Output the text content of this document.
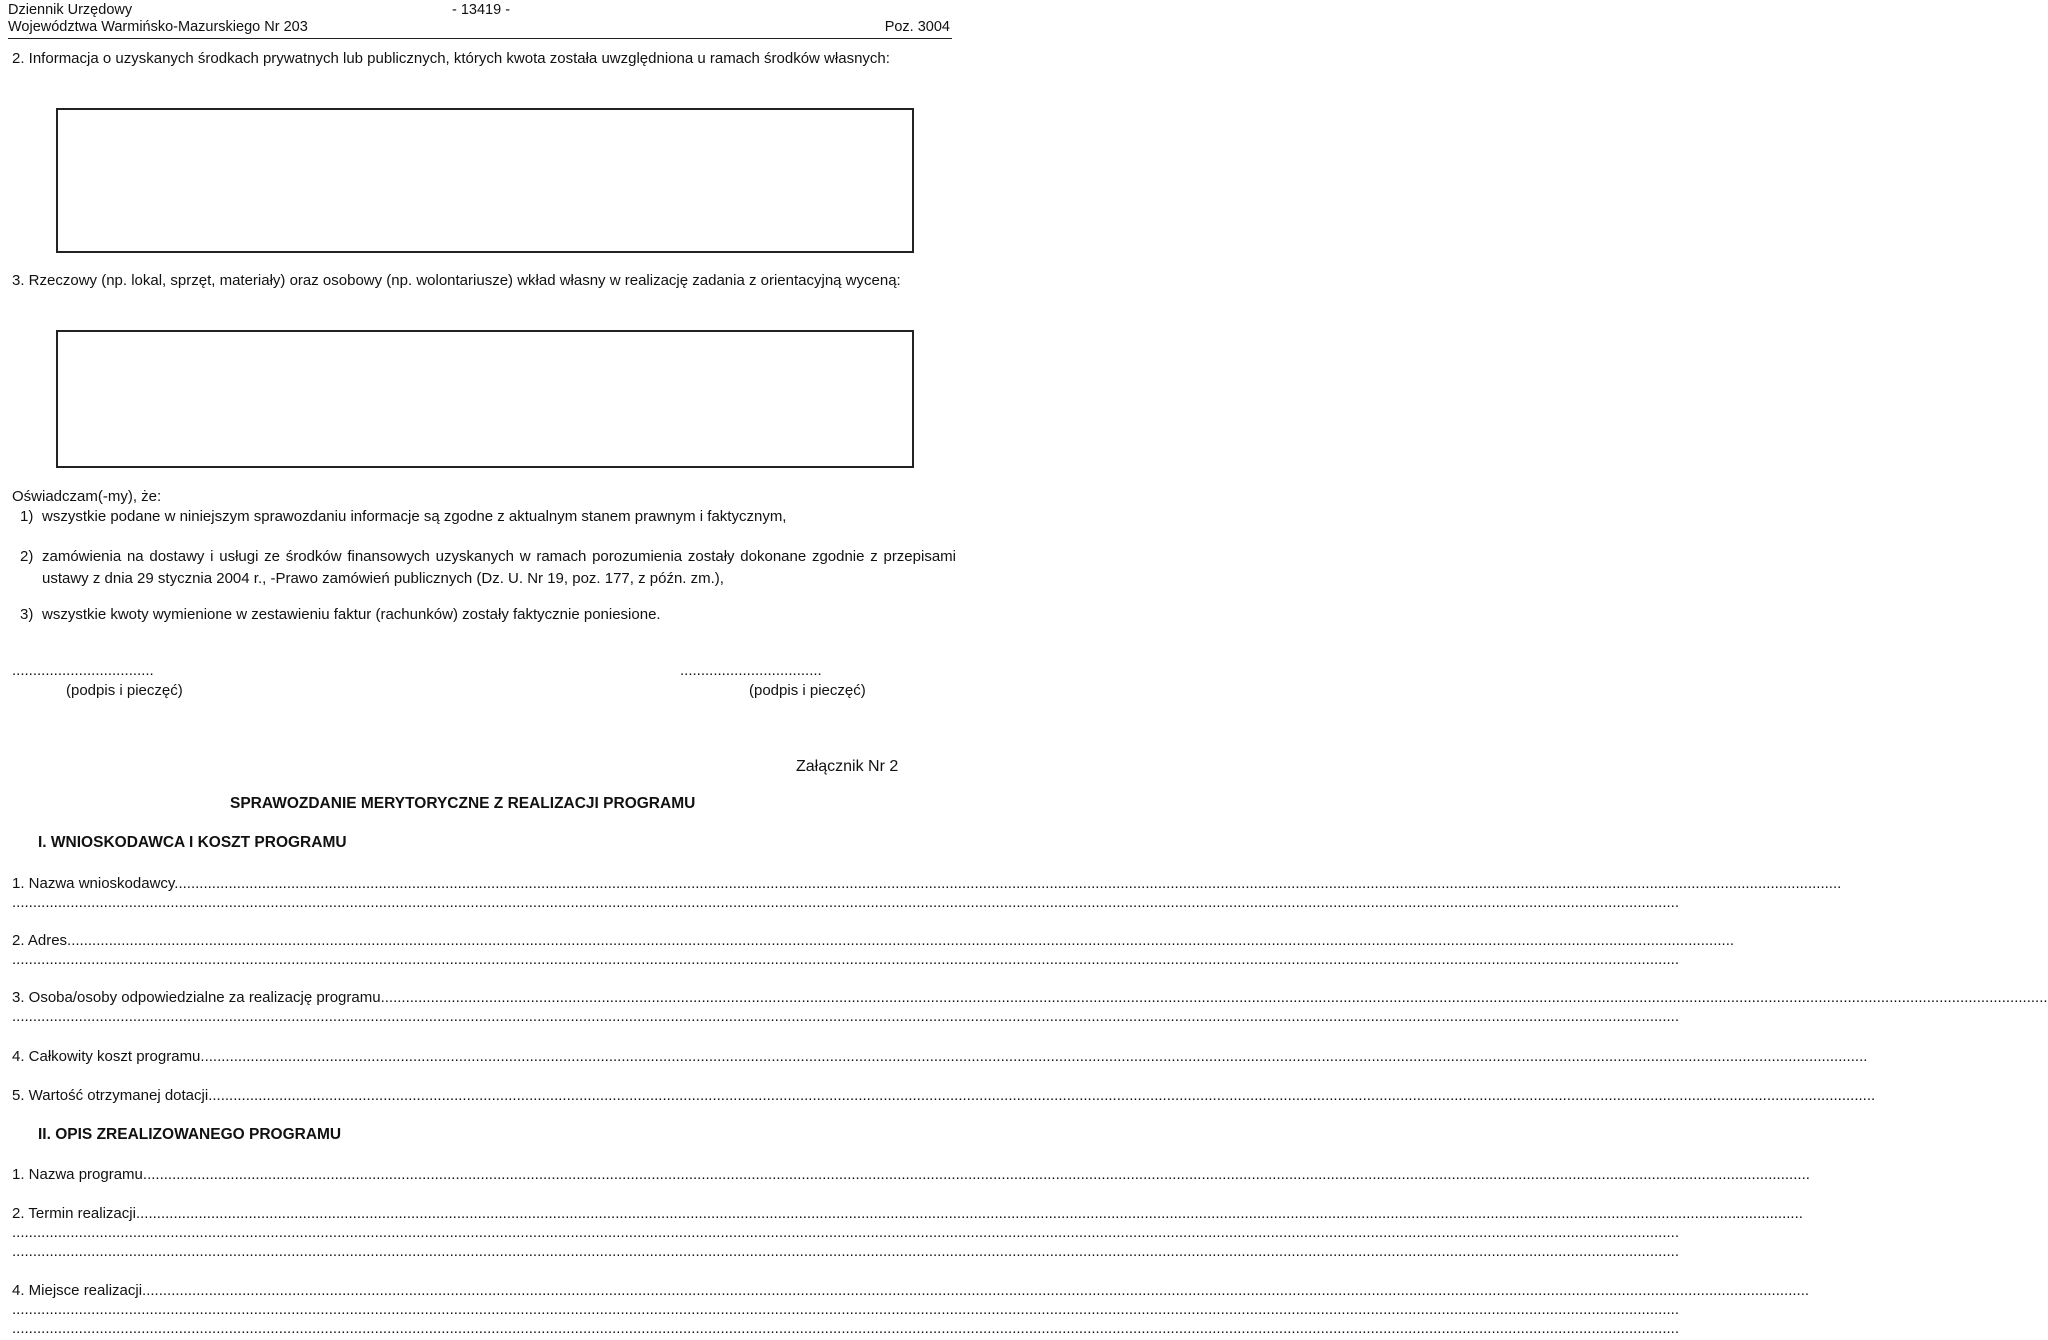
Dziennik Urzędowy
Województwa Warmińsko-Mazurskiego Nr 203
- 13419 -
Poz. 3004
2. Informacja o uzyskanych środkach prywatnych lub publicznych, których kwota została uwzględniona u ramach środków własnych:
3. Rzeczowy (np. lokal, sprzęt, materiały) oraz osobowy (np. wolontariusze) wkład własny w realizację zadania z orientacyjną wyceną:
Oświadczam(-my), że:
1) wszystkie podane w niniejszym sprawozdaniu informacje są zgodne z aktualnym stanem prawnym i faktycznym,
2) zamówienia na dostawy i usługi ze środków finansowych uzyskanych w ramach porozumienia zostały dokonane zgodnie z przepisami ustawy z dnia 29 stycznia 2004 r., -Prawo zamówień publicznych (Dz. U. Nr 19, poz. 177, z późn. zm.),
3) wszystkie kwoty wymienione w zestawieniu faktur (rachunków) zostały faktycznie poniesione.
..................................
(podpis i pieczęć)
..................................
(podpis i pieczęć)
Załącznik Nr 2
SPRAWOZDANIE MERYTORYCZNE Z REALIZACJI PROGRAMU
I. WNIOSKODAWCA I KOSZT PROGRAMU
1. Nazwa wnioskodawcy................................................................................................................................................................................................................................................................................................................................................................................................................
................................................................................................................................................................................................................................................................................................................................................................................................................
2. Adres................................................................................................................................................................................................................................................................................................................................................................................................................
................................................................................................................................................................................................................................................................................................................................................................................................................
3. Osoba/osoby odpowiedzialne za realizację programu................................................................................................................................................................................................................................................................................................................................................................................................................
................................................................................................................................................................................................................................................................................................................................................................................................................
4. Całkowity koszt programu................................................................................................................................................................................................................................................................................................................................................................................................................
5. Wartość otrzymanej dotacji................................................................................................................................................................................................................................................................................................................................................................................................................
II. OPIS ZREALIZOWANEGO PROGRAMU
1. Nazwa programu................................................................................................................................................................................................................................................................................................................................................................................................................
2. Termin realizacji................................................................................................................................................................................................................................................................................................................................................................................................................
................................................................................................................................................................................................................................................................................................................................................................................................................
................................................................................................................................................................................................................................................................................................................................................................................................................
4. Miejsce realizacji................................................................................................................................................................................................................................................................................................................................................................................................................
................................................................................................................................................................................................................................................................................................................................................................................................................
................................................................................................................................................................................................................................................................................................................................................................................................................
